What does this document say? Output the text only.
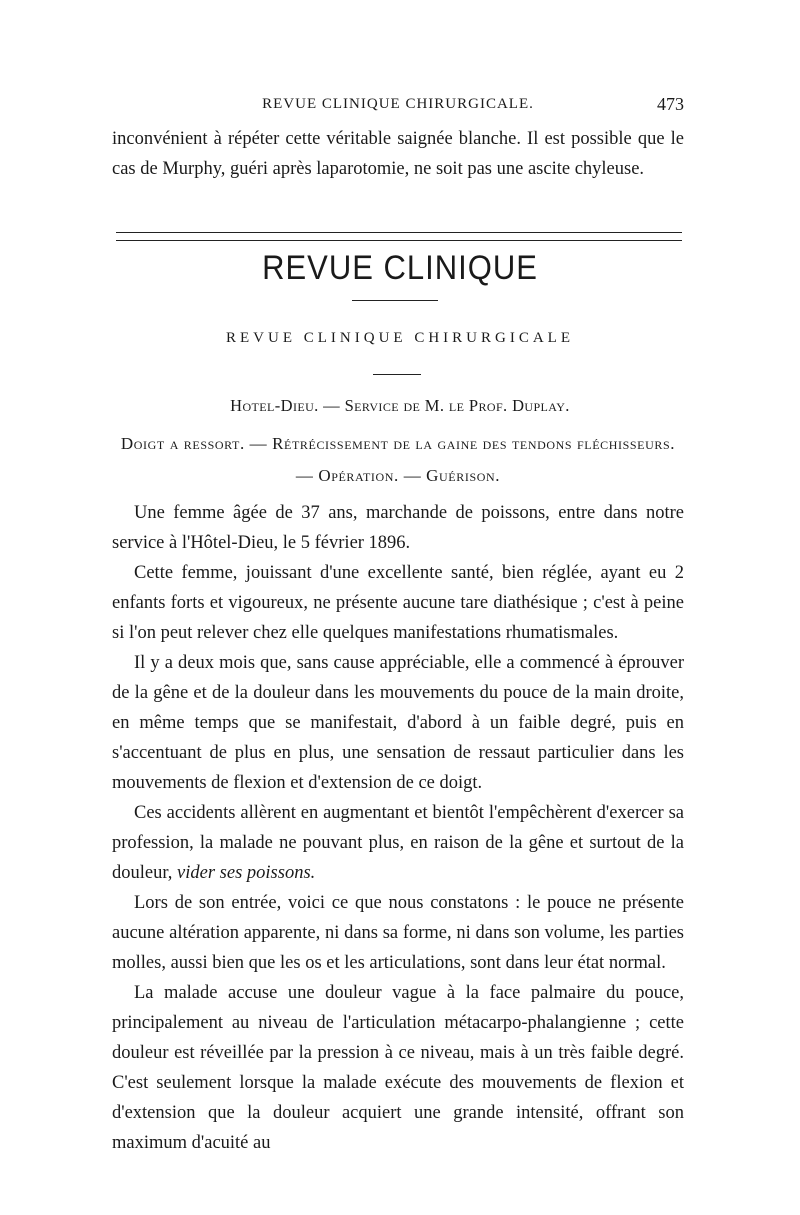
REVUE CLINIQUE CHIRURGICALE.	473

inconvénient à répéter cette véritable saignée blanche. Il est possible que le cas de Murphy, guéri après laparotomie, ne soit pas une ascite chyleuse.

REVUE CLINIQUE
REVUE CLINIQUE CHIRURGICALE
Hotel-Dieu. — Service de M. le Prof. Duplay.
Doigt a ressort. — Rétrécissement de la gaine des tendons fléchisseurs. — Opération. — Guérison.

Une femme âgée de 37 ans, marchande de poissons, entre dans notre service à l'Hôtel-Dieu, le 5 février 1896.

Cette femme, jouissant d'une excellente santé, bien réglée, ayant eu 2 enfants forts et vigoureux, ne présente aucune tare diathésique ; c'est à peine si l'on peut relever chez elle quelques manifestations rhumatismales.

Il y a deux mois que, sans cause appréciable, elle a commencé à éprouver de la gêne et de la douleur dans les mouvements du pouce de la main droite, en même temps que se manifestait, d'abord à un faible degré, puis en s'accentuant de plus en plus, une sensation de ressaut particulier dans les mouvements de flexion et d'extension de ce doigt.

Ces accidents allèrent en augmentant et bientôt l'empêchèrent d'exercer sa profession, la malade ne pouvant plus, en raison de la gêne et surtout de la douleur, vider ses poissons.

Lors de son entrée, voici ce que nous constatons : le pouce ne présente aucune altération apparente, ni dans sa forme, ni dans son volume, les parties molles, aussi bien que les os et les articulations, sont dans leur état normal.

La malade accuse une douleur vague à la face palmaire du pouce, principalement au niveau de l'articulation métacarpo-phalangienne ; cette douleur est réveillée par la pression à ce niveau, mais à un très faible degré. C'est seulement lorsque la malade exécute des mouvements de flexion et d'extension que la douleur acquiert une grande intensité, offrant son maximum d'acuité au
